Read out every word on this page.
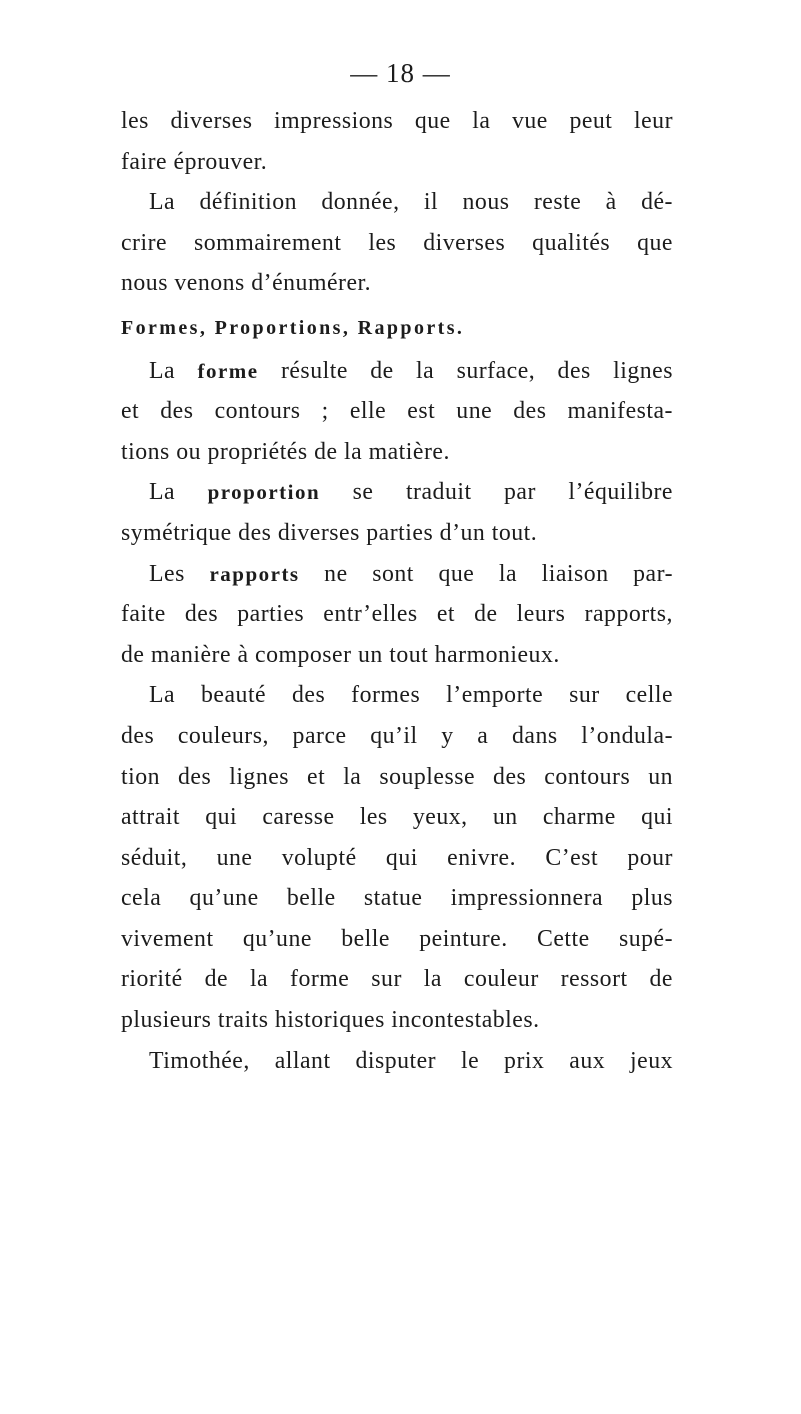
— 18 —
les diverses impressions que la vue peut leur
faire éprouver.
La définition donnée, il nous reste à dé-
crire sommairement les diverses qualités que
nous venons d’énumérer.
Formes, Proportions, Rapports.
La forme résulte de la surface, des lignes
et des contours ; elle est une des manifesta-
tions ou propriétés de la matière.
La proportion se traduit par l’équilibre
symétrique des diverses parties d’un tout.
Les rapports ne sont que la liaison par-
faite des parties entr’elles et de leurs rapports,
de manière à composer un tout harmonieux.
La beauté des formes l’emporte sur celle
des couleurs, parce qu’il y a dans l’ondula-
tion des lignes et la souplesse des contours un
attrait qui caresse les yeux, un charme qui
séduit, une volupté qui enivre. C’est pour
cela qu’une belle statue impressionnera plus
vivement qu’une belle peinture. Cette supé-
riorité de la forme sur la couleur ressort de
plusieurs traits historiques incontestables.
Timothée, allant disputer le prix aux jeux
